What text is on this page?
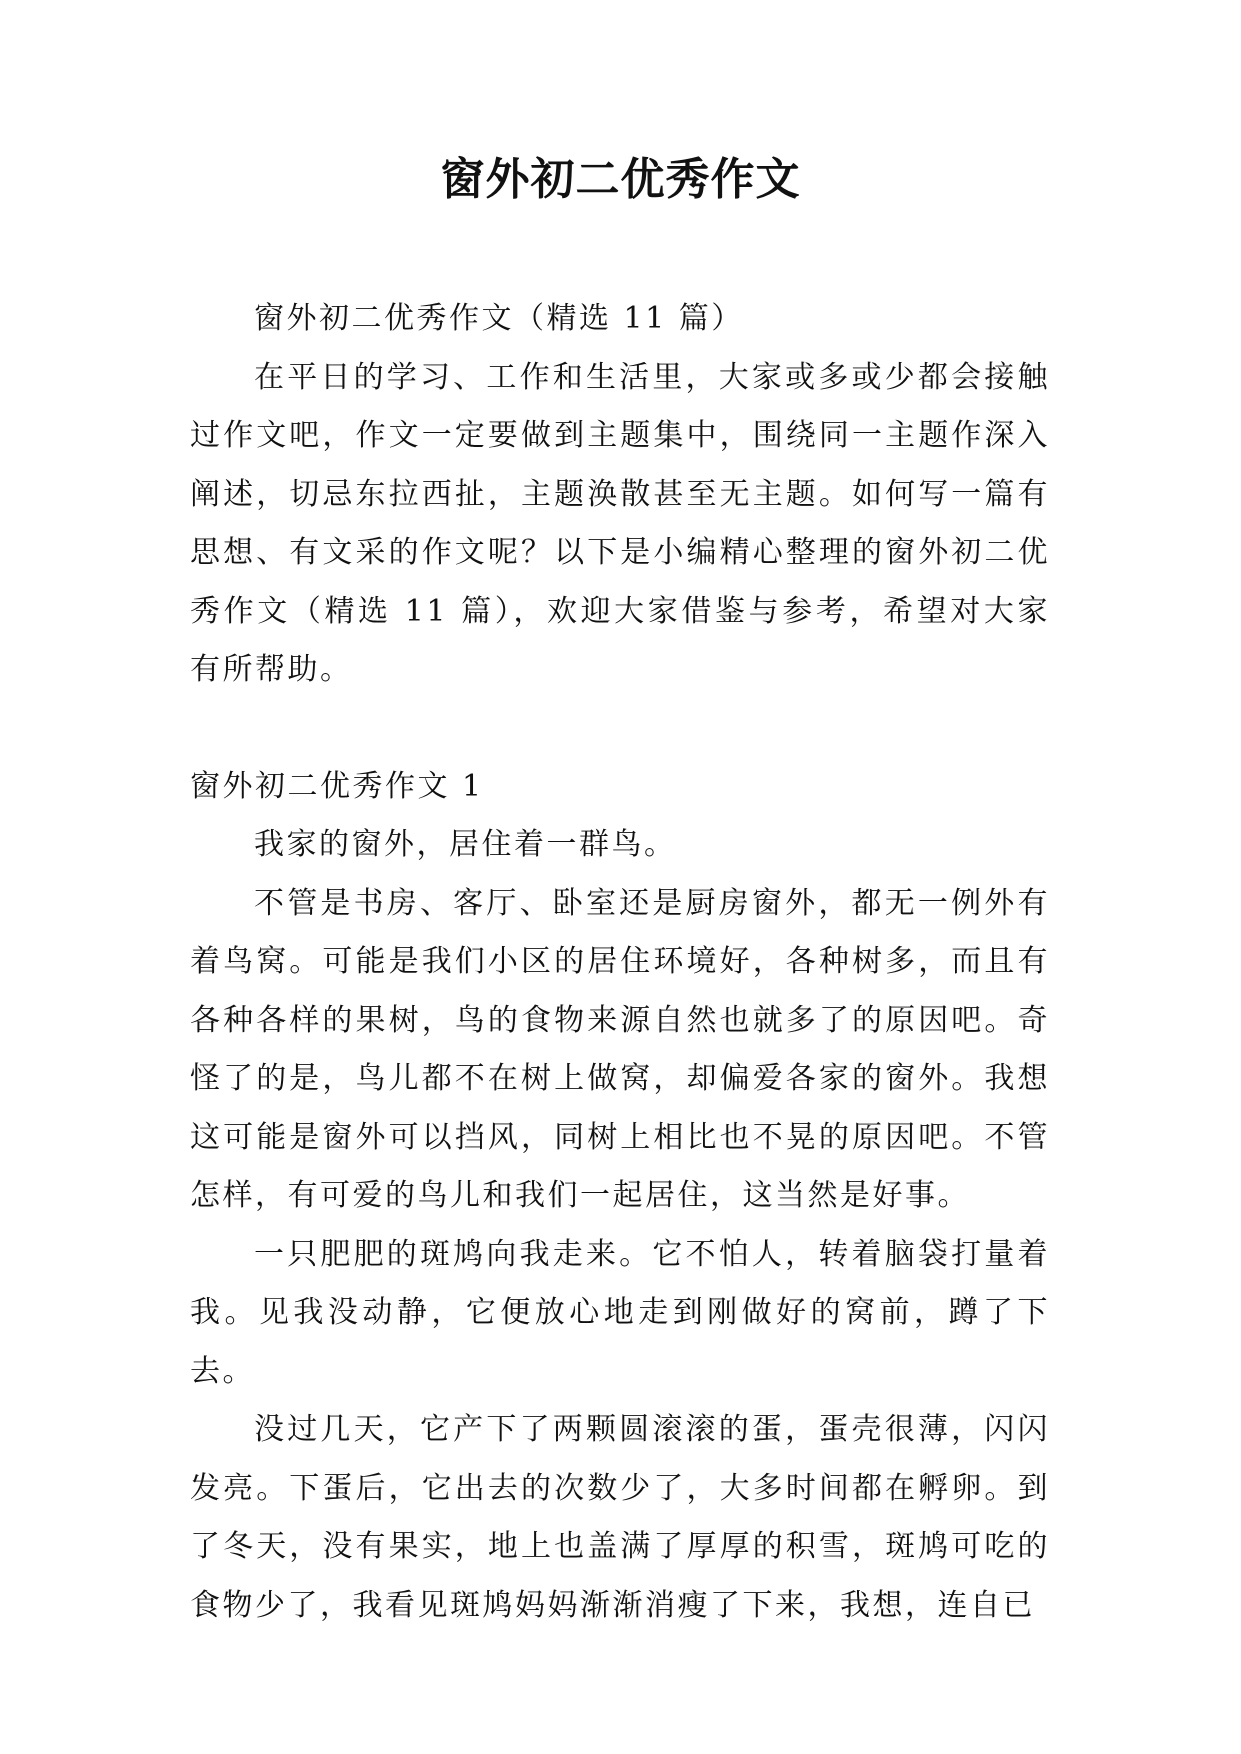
窗外初二优秀作文

窗外初二优秀作文（精选 11 篇）

在平日的学习、工作和生活里，大家或多或少都会接触过作文吧，作文一定要做到主题集中，围绕同一主题作深入阐述，切忌东拉西扯，主题涣散甚至无主题。如何写一篇有思想、有文采的作文呢？以下是小编精心整理的窗外初二优秀作文（精选 11 篇），欢迎大家借鉴与参考，希望对大家有所帮助。

窗外初二优秀作文 1

我家的窗外，居住着一群鸟。

不管是书房、客厅、卧室还是厨房窗外，都无一例外有着鸟窝。可能是我们小区的居住环境好，各种树多，而且有各种各样的果树，鸟的食物来源自然也就多了的原因吧。奇怪了的是，鸟儿都不在树上做窝，却偏爱各家的窗外。我想这可能是窗外可以挡风，同树上相比也不晃的原因吧。不管怎样，有可爱的鸟儿和我们一起居住，这当然是好事。

一只肥肥的斑鸠向我走来。它不怕人，转着脑袋打量着我。见我没动静，它便放心地走到刚做好的窝前，蹲了下去。

没过几天，它产下了两颗圆滚滚的蛋，蛋壳很薄，闪闪发亮。下蛋后，它出去的次数少了，大多时间都在孵卵。到了冬天，没有果实，地上也盖满了厚厚的积雪，斑鸠可吃的食物少了，我看见斑鸠妈妈渐渐消瘦了下来，我想，连自已
